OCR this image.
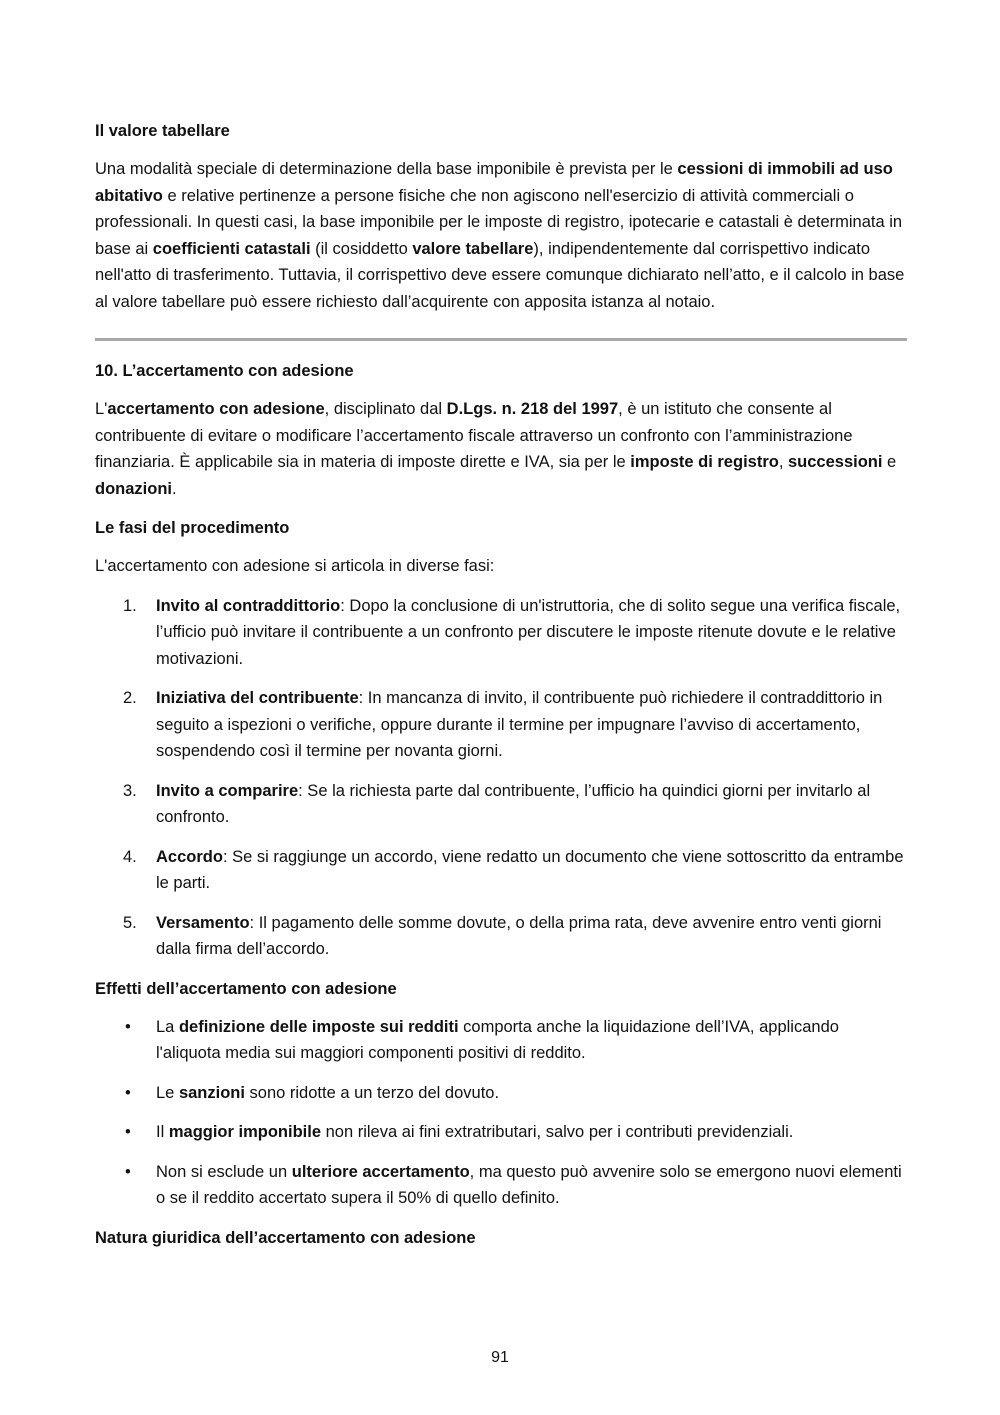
Il valore tabellare
Una modalità speciale di determinazione della base imponibile è prevista per le cessioni di immobili ad uso abitativo e relative pertinenze a persone fisiche che non agiscono nell'esercizio di attività commerciali o professionali. In questi casi, la base imponibile per le imposte di registro, ipotecarie e catastali è determinata in base ai coefficienti catastali (il cosiddetto valore tabellare), indipendentemente dal corrispettivo indicato nell'atto di trasferimento. Tuttavia, il corrispettivo deve essere comunque dichiarato nell’atto, e il calcolo in base al valore tabellare può essere richiesto dall’acquirente con apposita istanza al notaio.
10. L’accertamento con adesione
L'accertamento con adesione, disciplinato dal D.Lgs. n. 218 del 1997, è un istituto che consente al contribuente di evitare o modificare l’accertamento fiscale attraverso un confronto con l’amministrazione finanziaria. È applicabile sia in materia di imposte dirette e IVA, sia per le imposte di registro, successioni e donazioni.
Le fasi del procedimento
L'accertamento con adesione si articola in diverse fasi:
1. Invito al contraddittorio: Dopo la conclusione di un'istruttoria, che di solito segue una verifica fiscale, l’ufficio può invitare il contribuente a un confronto per discutere le imposte ritenute dovute e le relative motivazioni.
2. Iniziativa del contribuente: In mancanza di invito, il contribuente può richiedere il contraddittorio in seguito a ispezioni o verifiche, oppure durante il termine per impugnare l’avviso di accertamento, sospendendo così il termine per novanta giorni.
3. Invito a comparire: Se la richiesta parte dal contribuente, l’ufficio ha quindici giorni per invitarlo al confronto.
4. Accordo: Se si raggiunge un accordo, viene redatto un documento che viene sottoscritto da entrambe le parti.
5. Versamento: Il pagamento delle somme dovute, o della prima rata, deve avvenire entro venti giorni dalla firma dell’accordo.
Effetti dell’accertamento con adesione
• La definizione delle imposte sui redditi comporta anche la liquidazione dell’IVA, applicando l'aliquota media sui maggiori componenti positivi di reddito.
• Le sanzioni sono ridotte a un terzo del dovuto.
• Il maggior imponibile non rileva ai fini extratributari, salvo per i contributi previdenziali.
• Non si esclude un ulteriore accertamento, ma questo può avvenire solo se emergono nuovi elementi o se il reddito accertato supera il 50% di quello definito.
Natura giuridica dell’accertamento con adesione
91
